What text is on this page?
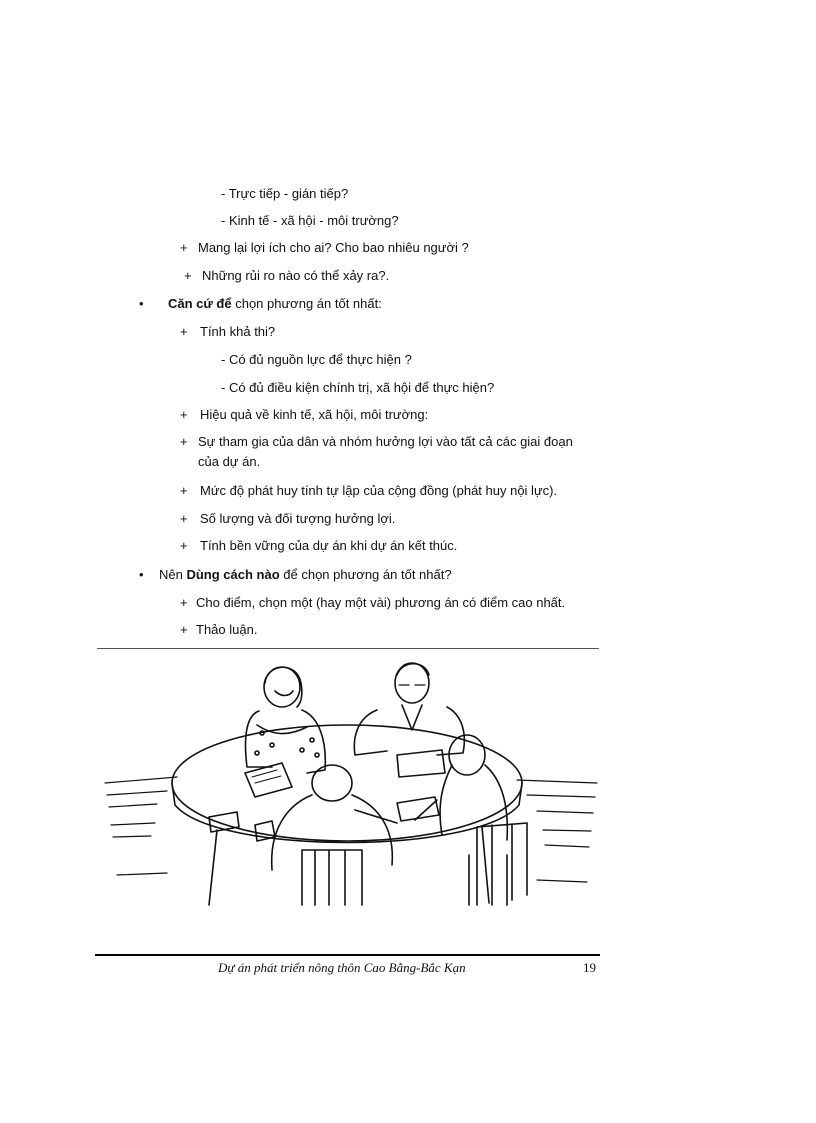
- Trực tiếp - gián tiếp?
- Kinh tế - xã hội - môi trường?
+ Mang lại lợi ích cho ai? Cho bao nhiêu người ?
+ Những rủi ro nào có thể xảy ra?.
• Căn cứ để chọn phương án tốt nhất:
+ Tính khả thi?
- Có đủ nguồn lực để thực hiện ?
- Có đủ điều kiện chính trị, xã hội để thực hiện?
+ Hiệu quả về kinh tế, xã hội, môi trường:
+ Sự tham gia của dân và nhóm hưởng lợi vào tất cả các giai đoạn
của dự án.
+ Mức độ phát huy tính tự lập của cộng đồng (phát huy nội lực).
+ Số lượng và đối tượng hưởng lợi.
+ Tính bền vững của dự án khi dự án kết thúc.
• Nên Dùng cách nào để chọn phương án tốt nhất?
+ Cho điểm, chọn một (hay một vài) phương án có điểm cao nhất.
+ Thảo luận.
Dự án phát triển nông thôn Cao Bằng-Bắc Kạn	19
